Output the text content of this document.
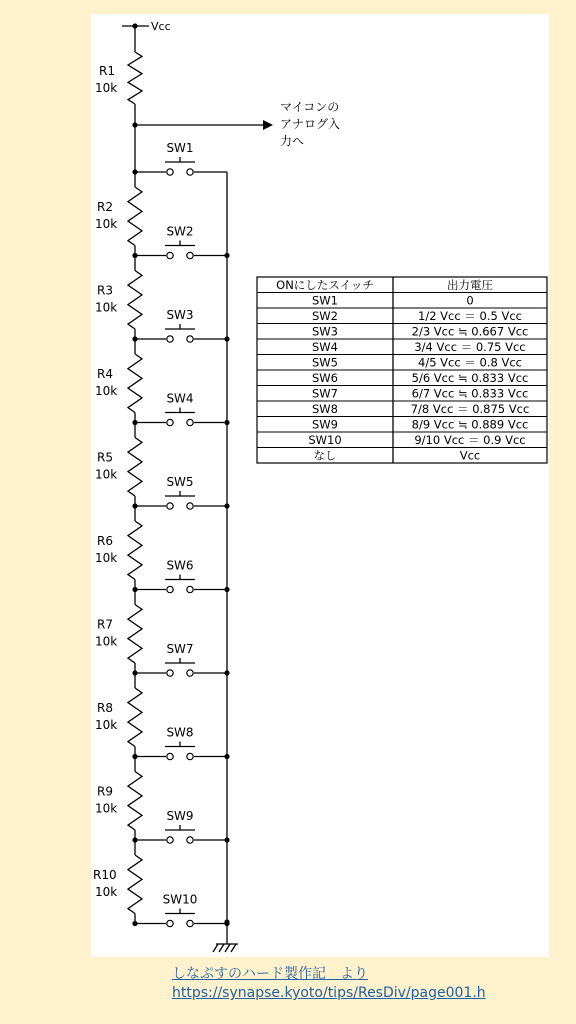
Vcc
R1
10k
マイコンの
アナログ入
力へ
SW1
R2
10k
SW2
R3
10k
SW3
R4
10k
SW4
R5
10k
SW5
R6
10k
SW6
R7
10k
SW7
R8
10k
SW8
R9
10k
SW9
R10
10k
SW10
ONにしたスイッチ	出力電圧
SW1	0
SW2	1/2 Vcc ＝ 0.5 Vcc
SW3	2/3 Vcc ≒ 0.667 Vcc
SW4	3/4 Vcc ＝ 0.75 Vcc
SW5	4/5 Vcc ＝ 0.8 Vcc
SW6	5/6 Vcc ≒ 0.833 Vcc
SW7	6/7 Vcc ≒ 0.833 Vcc
SW8	7/8 Vcc ＝ 0.875 Vcc
SW9	8/9 Vcc ≒ 0.889 Vcc
SW10	9/10 Vcc ＝ 0.9 Vcc
なし	Vcc
しなぷすのハード製作記　より
https://synapse.kyoto/tips/ResDiv/page001.h
